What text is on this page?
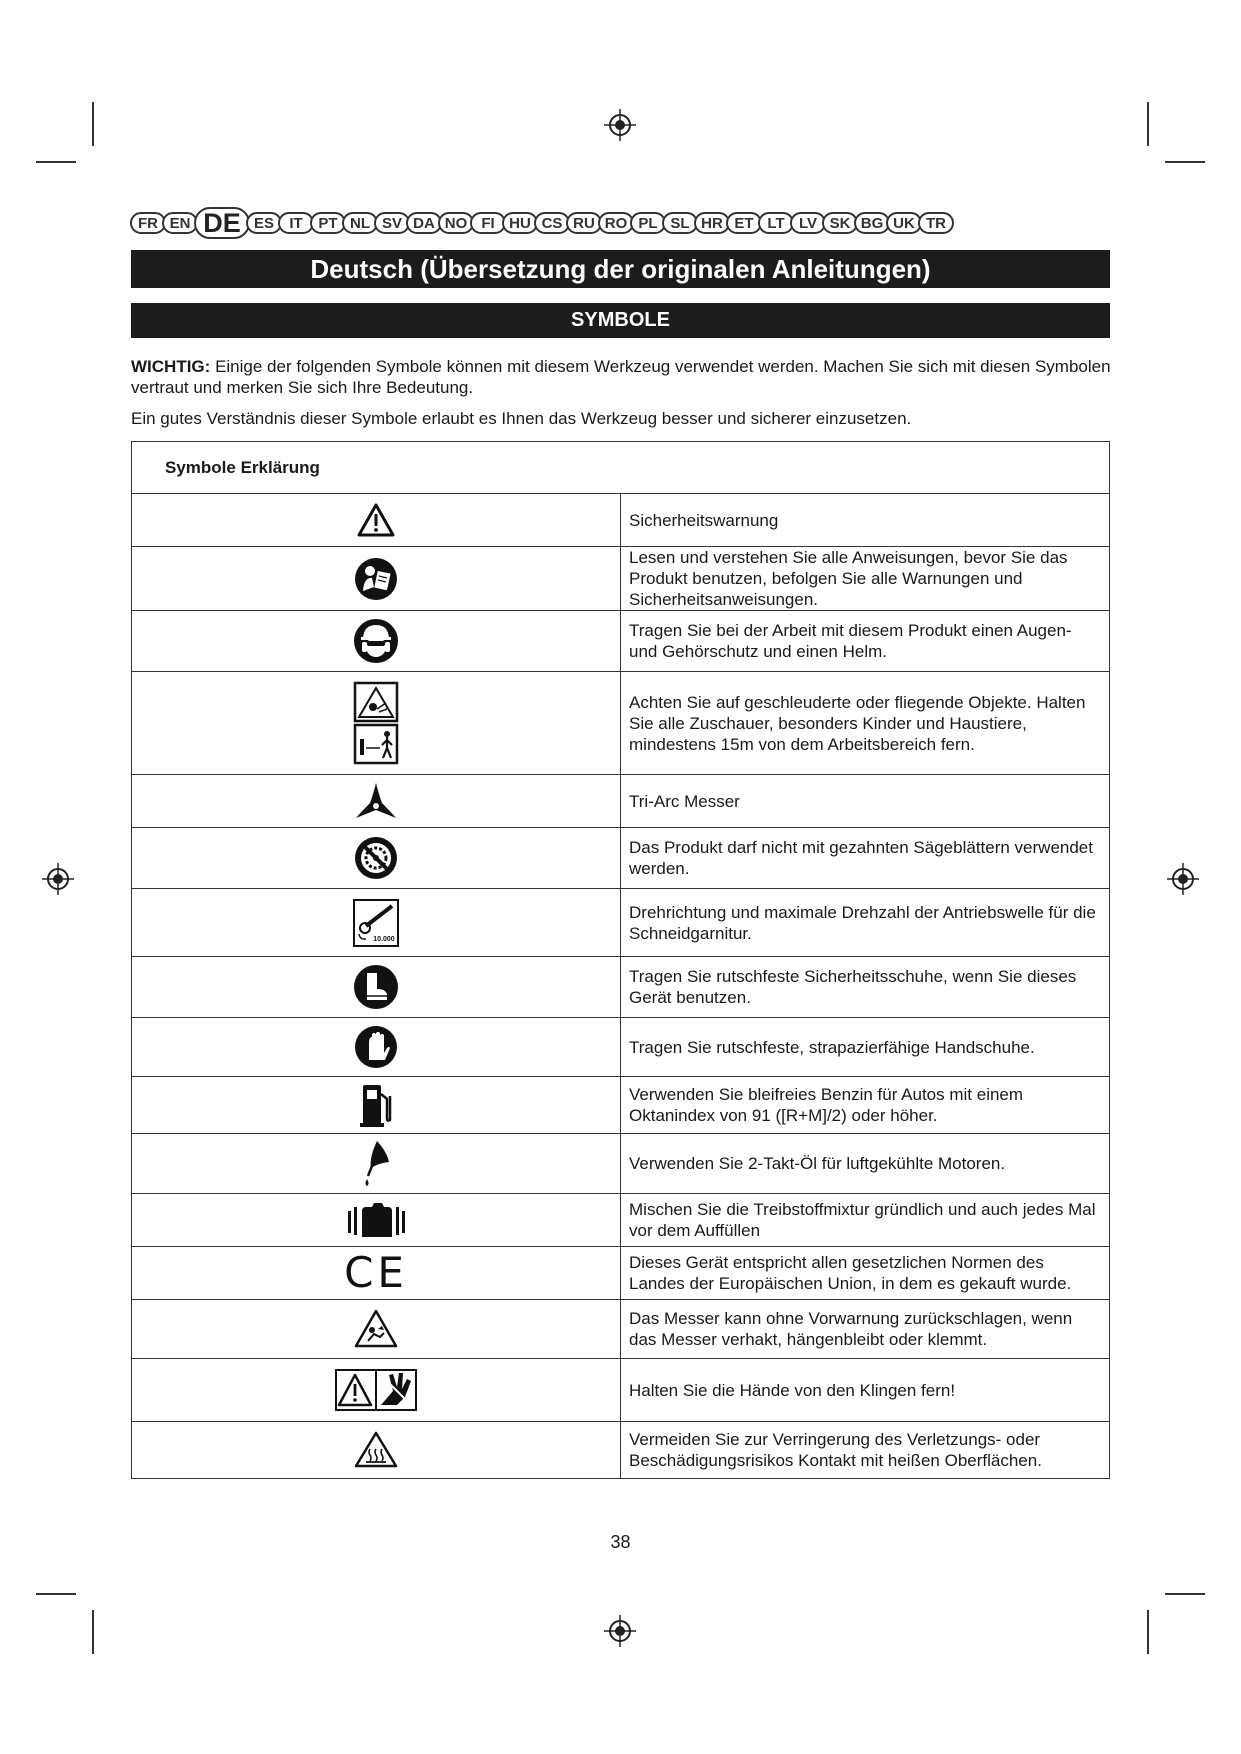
FR EN DE ES	IT	PT NL SV DA NO FI HU CS RU RO PL SL HR ET LT LV SK BG UK TR
Deutsch (Übersetzung der originalen Anleitungen)
SYMBOLE

WICHTIG: Einige der folgenden Symbole können mit diesem Werkzeug verwendet werden. Machen Sie sich mit diesen Symbolen vertraut und merken Sie sich Ihre Bedeutung.

Ein gutes Verständnis dieser Symbole erlaubt es Ihnen das Werkzeug besser und sicherer einzusetzen.

Symbole Erklärung	

	Sicherheitswarnung

	Lesen und verstehen Sie alle Anweisungen, bevor Sie das Produkt benutzen, befolgen Sie alle Warnungen und Sicherheitsanweisungen.

	Tragen Sie bei der Arbeit mit diesem Produkt einen Augen- und Gehörschutz und einen Helm.

	Achten Sie auf geschleuderte oder fliegende Objekte. Halten Sie alle Zuschauer, besonders Kinder und Haustiere, mindestens 15m von dem Arbeitsbereich fern.

	Tri-Arc Messer

	Das Produkt darf nicht mit gezahnten Sägeblättern verwendet werden.

10.000	Drehrichtung und maximale Drehzahl der Antriebswelle für die Schneidgarnitur.

	Tragen Sie rutschfeste Sicherheitsschuhe, wenn Sie dieses Gerät benutzen.

	Tragen Sie rutschfeste, strapazierfähige Handschuhe.

	Verwenden Sie bleifreies Benzin für Autos mit einem Oktanindex von 91 ([R+M]/2) oder höher.

	Verwenden Sie 2-Takt-Öl für luftgekühlte Motoren.

	Mischen Sie die Treibstoffmixtur gründlich und auch jedes Mal vor dem Auffüllen

CE	Dieses Gerät entspricht allen gesetzlichen Normen des Landes der Europäischen Union, in dem es gekauft wurde.

	Das Messer kann ohne Vorwarnung zurückschlagen, wenn das Messer verhakt, hängenbleibt oder klemmt.

	Halten Sie die Hände von den Klingen fern!

	Vermeiden Sie zur Verringerung des Verletzungs- oder Beschädigungsrisikos Kontakt mit heißen Oberflächen.
38
